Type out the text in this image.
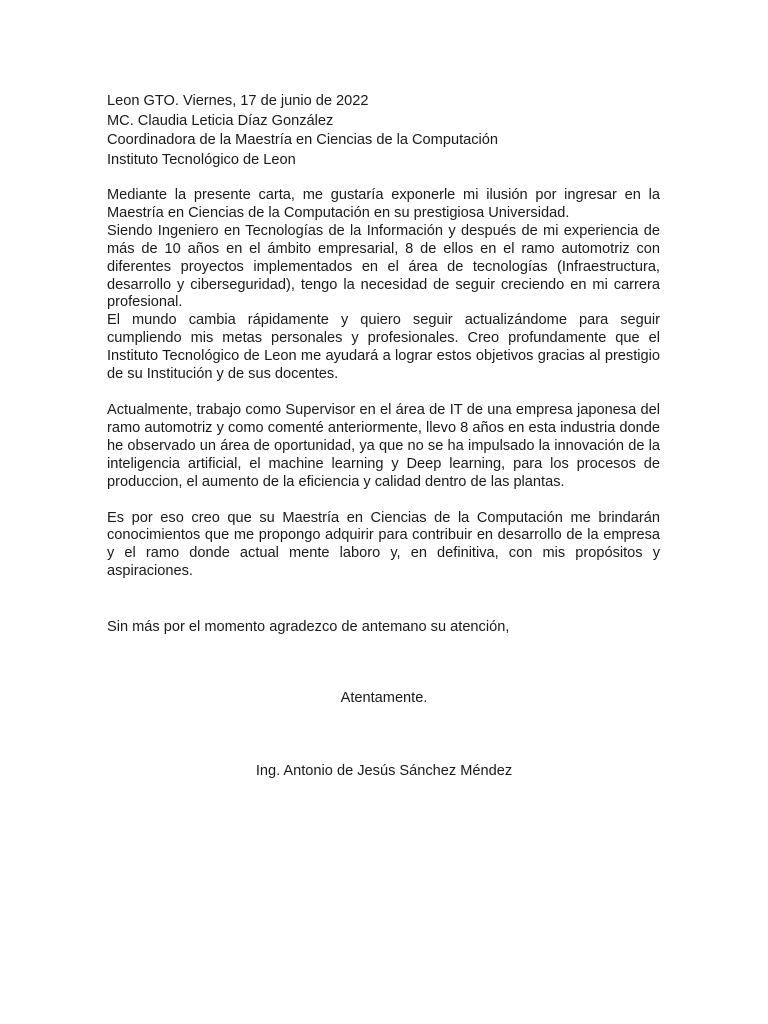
Leon GTO. Viernes, 17 de junio de 2022
MC. Claudia Leticia Díaz González
Coordinadora de la Maestría en Ciencias de la Computación
Instituto Tecnológico de Leon

Mediante la presente carta, me gustaría exponerle mi ilusión por ingresar en la Maestría en Ciencias de la Computación en su prestigiosa Universidad.

Siendo Ingeniero en Tecnologías de la Información y después de mi experiencia de más de 10 años en el ámbito empresarial, 8 de ellos en el ramo automotriz con diferentes proyectos implementados en el área de tecnologías (Infraestructura, desarrollo y ciberseguridad), tengo la necesidad de seguir creciendo en mi carrera profesional.

El mundo cambia rápidamente y quiero seguir actualizándome para seguir cumpliendo mis metas personales y profesionales. Creo profundamente que el Instituto Tecnológico de Leon me ayudará a lograr estos objetivos gracias al prestigio de su Institución y de sus docentes.

Actualmente, trabajo como Supervisor en el área de IT de una empresa japonesa del ramo automotriz y como comenté anteriormente, llevo 8 años en esta industria donde he observado un área de oportunidad, ya que no se ha impulsado la innovación de la inteligencia artificial, el machine learning y Deep learning, para los procesos de produccion, el aumento de la eficiencia y calidad dentro de las plantas.

Es por eso creo que su Maestría en Ciencias de la Computación me brindarán conocimientos que me propongo adquirir para contribuir en desarrollo de la empresa y el ramo donde actual mente laboro y, en definitiva, con mis propósitos y aspiraciones.

Sin más por el momento agradezco de antemano su atención,
Atentamente.
Ing. Antonio de Jesús Sánchez Méndez
